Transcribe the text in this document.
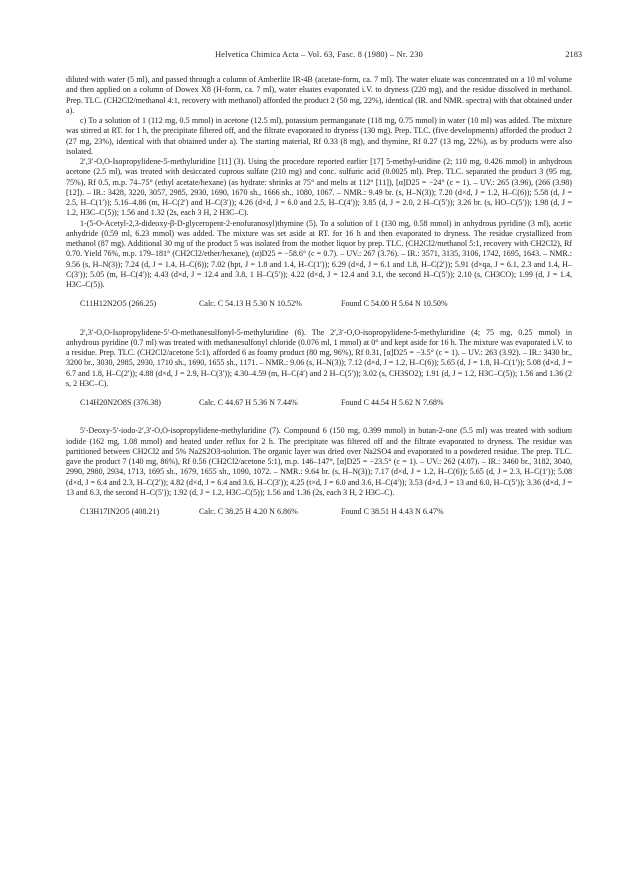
Helvetica Chimica Acta – Vol. 63, Fasc. 8 (1980) – Nr. 230	2183

diluted with water (5 ml), and passed through a column of Amberlite IR-4B (acetate-form, ca. 7 ml). The water eluate was concentrated on a 10 ml volume and then applied on a column of Dowex X8 (H-form, ca. 7 ml), water eluates evaporated i.V. to dryness (220 mg), and the residue dissolved in methanol. Prep. TLC. (CH2Cl2/methanol 4:1, recovery with methanol) afforded the product 2 (50 mg, 22%), identical (IR. and NMR. spectra) with that obtained under a).

c) To a solution of 1 (112 mg, 0.5 mmol) in acetone (12.5 ml), potassium permanganate (118 mg, 0.75 mmol) in water (10 ml) was added. The mixture was stirred at RT. for 1 h, the precipitate filtered off, and the filtrate evaporated to dryness (130 mg). Prep. TLC. (five developments) afforded the product 2 (27 mg, 23%), identical with that obtained under a). The starting material, Rf 0.33 (8 mg), and thymine, Rf 0.27 (13 mg, 22%), as by products were also isolated.

2′,3′-O,O-Isopropylidene-5-methyluridine [11] (3). Using the procedure reported earlier [17] 5-methyl-uridine (2; 110 mg, 0.426 mmol) in anhydrous acetone (2.5 ml), was treated with desiccated cuprous sulfate (210 mg) and conc. sulfuric acid (0.0025 ml). Prep. TLC. separated the product 3 (95 mg, 75%), Rf 0.5, m.p. 74–75° (ethyl acetate/hexane) (as hydrate: shrinks at 75° and melts at 112° [11]), [α]D25 = −24° (c = 1). – UV.: 265 (3.96), (266 (3.98) [12]). – IR.: 3428, 3220, 3057, 2985, 2930, 1690, 1670 sh., 1666 sh., 1080, 1067. – NMR.: 9.49 br. (s, H–N(3)); 7.20 (d×d, J = 1.2, H–C(6)); 5.58 (d, J = 2.5, H–C(1′)); 5.16–4.86 (m, H–C(2′) and H–C(3′)); 4.26 (d×d, J = 6.0 and 2.5, H–C(4′)); 3.85 (d, J = 2.0, 2 H–C(5′)); 3.26 br. (s, HO–C(5′)); 1.98 (d, J = 1.2, H3C–C(5)); 1.56 and 1.32 (2s, each 3 H, 2 H3C–C).

1-(5-O-Acetyl-2,3-dideoxy-β-D-glyceropent-2-enofuranosyl)thymine (5). To a solution of 1 (130 mg, 0.58 mmol) in anhydrous pyridine (3 ml), acetic anhydride (0.59 ml, 6.23 mmol) was added. The mixture was set aside at RT. for 16 h and then evaporated to dryness. The residue crystallized from methanol (87 mg). Additional 30 mg of the product 5 was isolated from the mother liquor by prep. TLC. (CH2Cl2/methanol 5:1, recovery with CH2Cl2), Rf 0.70. Yield 76%, m.p. 179–181° (CH2Cl2/ether/hexane), (α)D25 = −58.6° (c = 0.7). – UV.: 267 (3.76). – IR.: 3571, 3135, 3106, 1742, 1695, 1643. – NMR.: 9.56 (s, H–N(3)); 7.24 (d, J = 1.4, H–C(6)); 7.02 (hpt, J = 1.8 and 1.4, H–C(1′)); 6.29 (d×d, J = 6.1 and 1.8, H–C(2′)); 5.91 (d×qa, J = 6.1, 2.3 and 1.4, H–C(3′)); 5.05 (m, H–C(4′)); 4.43 (d×d, J = 12.4 and 3.8, 1 H–C(5′)); 4.22 (d×d, J = 12.4 and 3.1, the second H–C(5′)); 2.10 (s, CH3CO); 1.99 (d, J = 1.4, H3C–C(5)).

C11H12N2O5 (266.25)	Calc. C 54.13 H 5.30 N 10.52%	Found C 54.00 H 5.64 N 10.50%

2′,3′-O,O-Isopropylidene-5′-O-methanesulfonyl-5-methyluridine (6). The 2′,3′-O,O-isopropylidene-5-methyluridine (4; 75 mg, 0.25 mmol) in anhydrous pyridine (0.7 ml) was treated with methanesulfonyl chloride (0.076 ml, 1 mmol) at 0° and kept aside for 16 h. The mixture was evaporated i.V. to a residue. Prep. TLC. (CH2Cl2/acetone 5:1), afforded 6 as foamy product (80 mg, 96%), Rf 0.31, [α]D25 = −3.5° (c = 1). – UV.: 263 (3.92). – IR.: 3430 br., 3200 br., 3030, 2985, 2930, 1710 sh., 1690, 1655 sh., 1171. – NMR.: 9.06 (s, H–N(3)); 7.12 (d×d, J = 1.2, H–C(6)); 5.65 (d, J = 1.8, H–C(1′)); 5.08 (d×d, J = 6.7 and 1.8, H–C(2′)); 4.88 (d×d, J = 2.9, H–C(3′)); 4.30–4.59 (m, H–C(4′) and 2 H–C(5′)); 3.02 (s, CH3SO2); 1.91 (d, J = 1.2, H3C–C(5)); 1.56 and 1.36 (2 s, 2 H3C–C).

C14H20N2O8S (376.38)	Calc. C 44.67 H 5.36 N 7.44%	Found C 44.54 H 5.62 N 7.68%

5′-Deoxy-5′-iodo-2′,3′-O,O-isopropylidene-methyluridine (7). Compound 6 (150 mg, 0.399 mmol) in butan-2-one (5.5 ml) was treated with sodium iodide (162 mg, 1.08 mmol) and heated under reflux for 2 h. The precipitate was filtered off and the filtrate evaporated to dryness. The residue was partitioned between CH2Cl2 and 5% Na2S2O3-solution. The organic layer was dried over Na2SO4 and evaporated to a powdered residue. The prep. TLC. gave the product 7 (140 mg, 86%), Rf 0.56 (CH2Cl2/acetone 5:1), m.p. 146–147°, [α]D25 = −23.5° (c = 1). – UV.: 262 (4.07). – IR.: 3460 br., 3182, 3040, 2990, 2980, 2934, 1713, 1695 sh., 1679, 1655 sh., 1090, 1072. – NMR.: 9.64 br. (s, H–N(3)); 7.17 (d×d, J = 1.2, H–C(6)); 5.65 (d, J = 2.3, H–C(1′)); 5.08 (d×d, J = 6.4 and 2.3, H–C(2′)); 4.82 (d×d, J = 6.4 and 3.6, H–C(3′)); 4.25 (t×d, J = 6.0 and 3.6, H–C(4′)); 3.53 (d×d, J = 13 and 6.0, H–C(5′)); 3.36 (d×d, J = 13 and 6.3, the second H–C(5′)); 1.92 (d, J = 1.2, H3C–C(5)); 1.56 and 1.36 (2s, each 3 H, 2 H3C–C).

C13H17IN2O5 (408.21)	Calc. C 38.25 H 4.20 N 6.86%	Found C 38.51 H 4.43 N 6.47%
